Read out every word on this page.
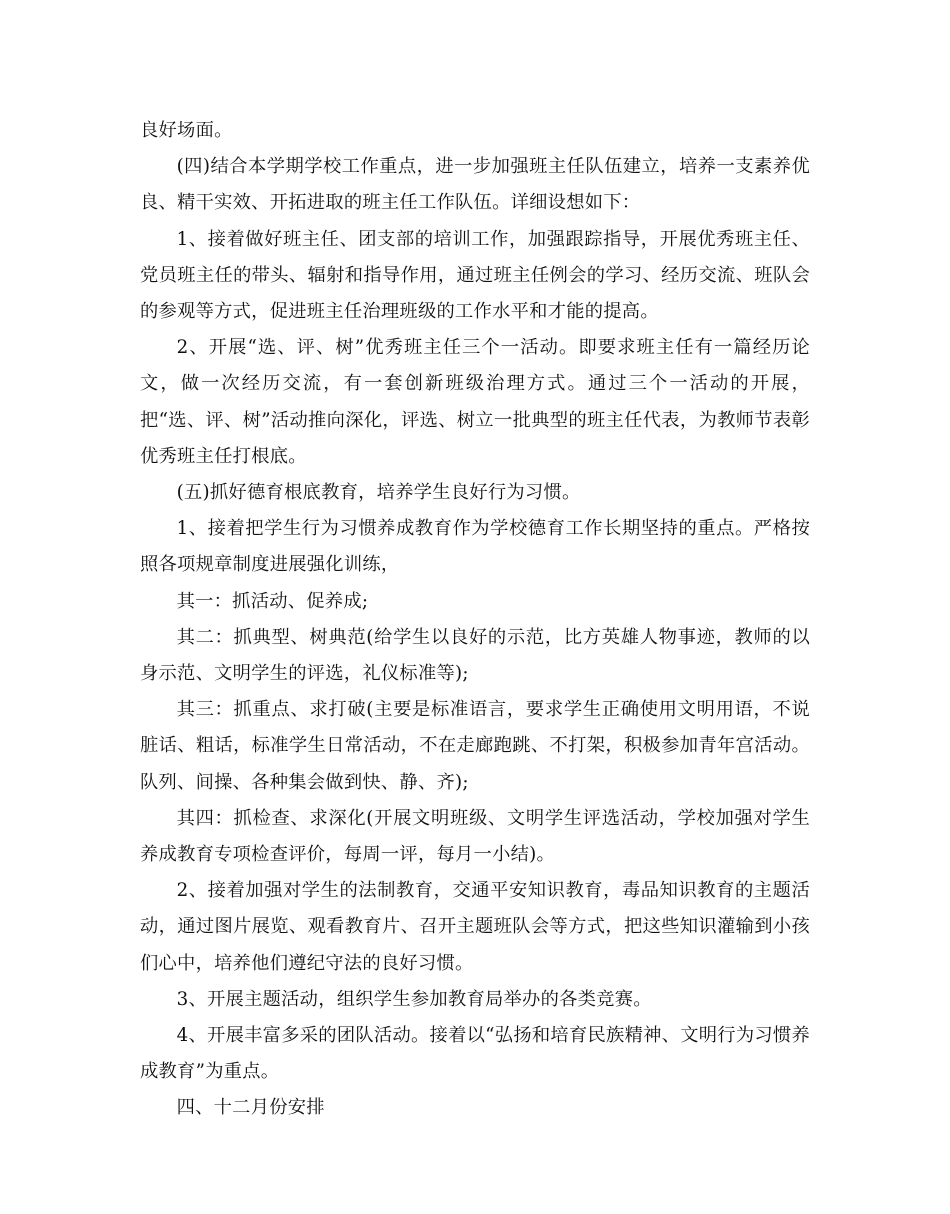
良好场面。

(四)结合本学期学校工作重点，进一步加强班主任队伍建立，培养一支素养优良、精干实效、开拓进取的班主任工作队伍。详细设想如下：

1、接着做好班主任、团支部的培训工作，加强跟踪指导，开展优秀班主任、党员班主任的带头、辐射和指导作用，通过班主任例会的学习、经历交流、班队会的参观等方式，促进班主任治理班级的工作水平和才能的提高。

2、开展“选、评、树”优秀班主任三个一活动。即要求班主任有一篇经历论文，做一次经历交流，有一套创新班级治理方式。通过三个一活动的开展，把“选、评、树”活动推向深化，评选、树立一批典型的班主任代表，为教师节表彰优秀班主任打根底。

(五)抓好德育根底教育，培养学生良好行为习惯。

1、接着把学生行为习惯养成教育作为学校德育工作长期坚持的重点。严格按照各项规章制度进展强化训练，

其一：抓活动、促养成;

其二：抓典型、树典范(给学生以良好的示范，比方英雄人物事迹，教师的以身示范、文明学生的评选，礼仪标准等);

其三：抓重点、求打破(主要是标准语言，要求学生正确使用文明用语，不说脏话、粗话，标准学生日常活动，不在走廊跑跳、不打架，积极参加青年宫活动。队列、间操、各种集会做到快、静、齐);

其四：抓检查、求深化(开展文明班级、文明学生评选活动，学校加强对学生养成教育专项检查评价，每周一评，每月一小结)。

2、接着加强对学生的法制教育，交通平安知识教育，毒品知识教育的主题活动，通过图片展览、观看教育片、召开主题班队会等方式，把这些知识灌输到小孩们心中，培养他们遵纪守法的良好习惯。

3、开展主题活动，组织学生参加教育局举办的各类竞赛。

4、开展丰富多采的团队活动。接着以“弘扬和培育民族精神、文明行为习惯养成教育”为重点。

四、十二月份安排
